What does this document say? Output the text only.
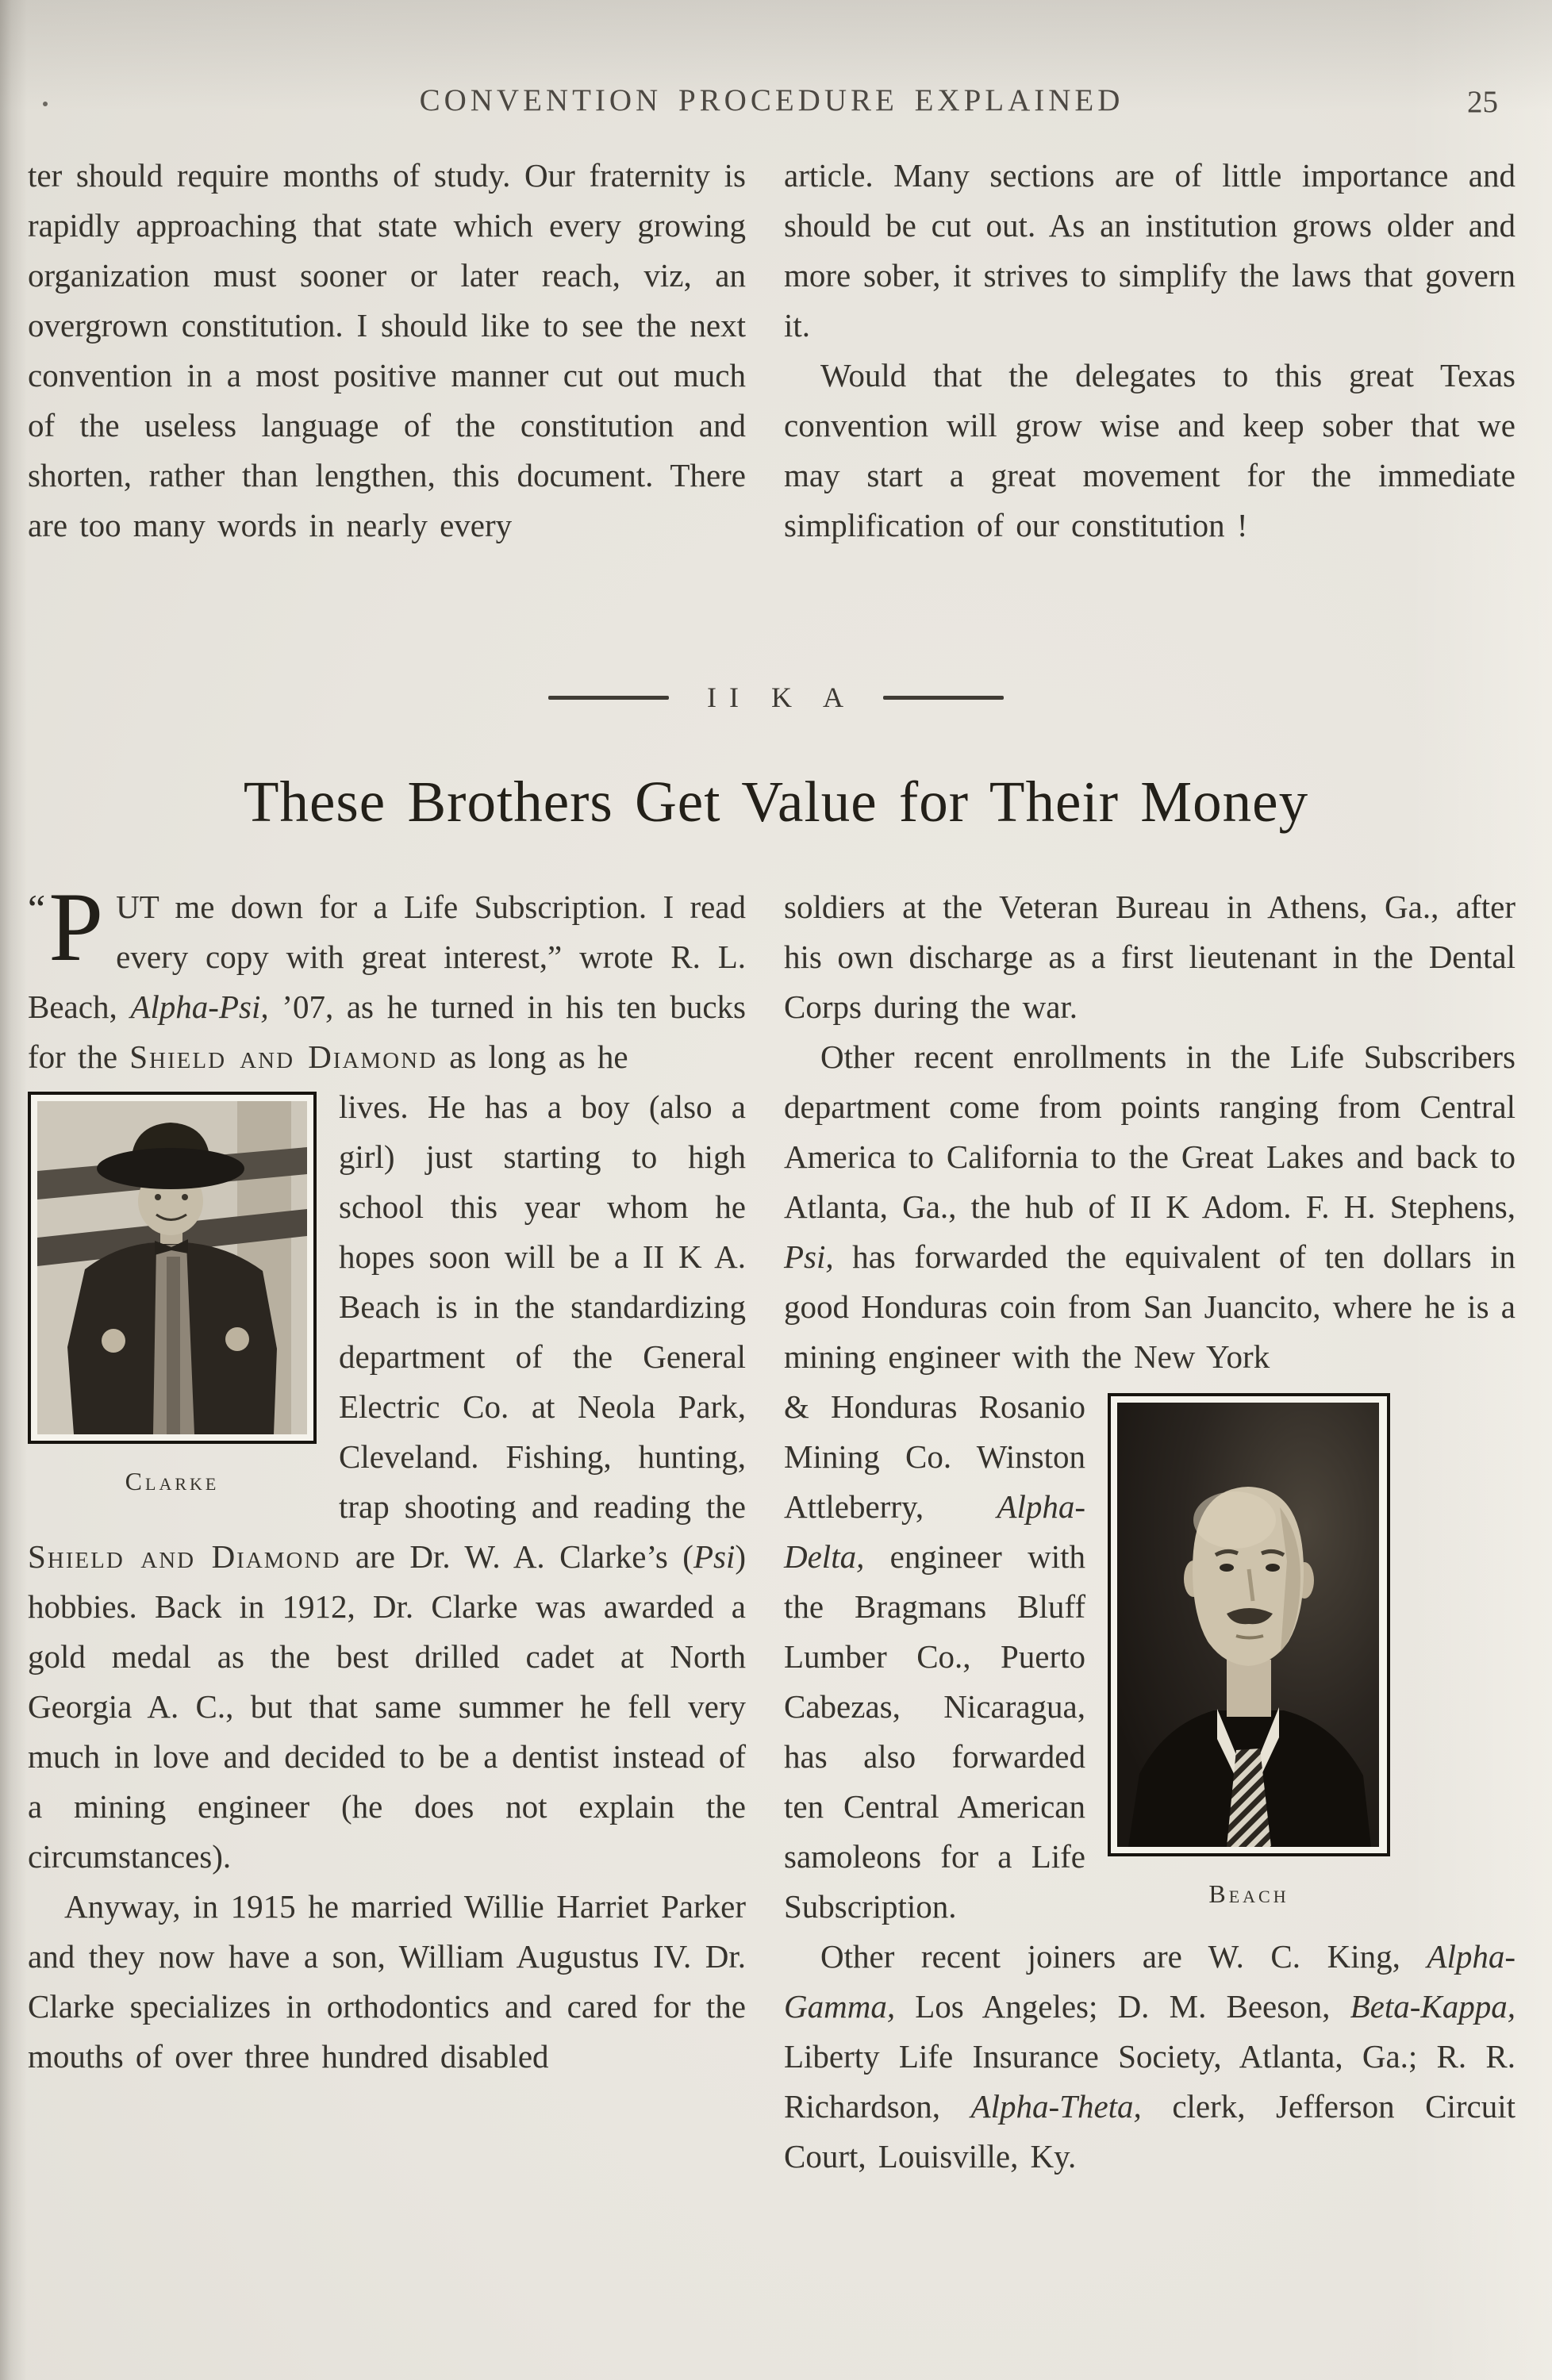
CONVENTION PROCEDURE EXPLAINED	25

ter should require months of study. Our fraternity is rapidly approaching that state which every growing organization must sooner or later reach, viz, an overgrown constitution. I should like to see the next convention in a most positive manner cut out much of the useless language of the constitution and shorten, rather than lengthen, this document. There are too many words in nearly every

article. Many sections are of little importance and should be cut out. As an institution grows older and more sober, it strives to simplify the laws that govern it.

Would that the delegates to this great Texas convention will grow wise and keep sober that we may start a great movement for the immediate simplification of our constitution !

II K A
These Brothers Get Value for Their Money

“P UT me down for a Life Subscription. I read every copy with great interest,” wrote R. L. Beach, Alpha-Psi, ’07, as he turned in his ten bucks for the Shield and Diamond as long as he

Clarke

lives. He has a boy (also a girl) just starting to high school this year whom he hopes soon will be a II K A. Beach is in the standardizing department of the General Electric Co. at Neola Park, Cleveland. Fishing, hunting, trap shooting and reading the Shield and Diamond are Dr. W. A. Clarke’s (Psi) hobbies. Back in 1912, Dr. Clarke was awarded a gold medal as the best drilled cadet at North Georgia A. C., but that same summer he fell very much in love and decided to be a dentist instead of a mining engineer (he does not explain the circumstances).

Anyway, in 1915 he married Willie Harriet Parker and they now have a son, William Augustus IV. Dr. Clarke specializes in orthodontics and cared for the mouths of over three hundred disabled

soldiers at the Veteran Bureau in Athens, Ga., after his own discharge as a first lieutenant in the Dental Corps during the war.

Other recent enrollments in the Life Subscribers department come from points ranging from Central America to California to the Great Lakes and back to Atlanta, Ga., the hub of II K Adom. F. H. Stephens, Psi, has forwarded the equivalent of ten dollars in good Honduras coin from San Juancito, where he is a mining engineer with the New York

Beach

& Honduras Rosanio Mining Co. Winston Attleberry, Alpha-Delta, engineer with the Bragmans Bluff Lumber Co., Puerto Cabezas, Nicaragua, has also forwarded ten Central American samoleons for a Life Subscription.

Other recent joiners are W. C. King, Alpha-Gamma, Los Angeles; D. M. Beeson, Beta-Kappa, Liberty Life Insurance Society, Atlanta, Ga.; R. R. Richardson, Alpha-Theta, clerk, Jefferson Circuit Court, Louisville, Ky.
